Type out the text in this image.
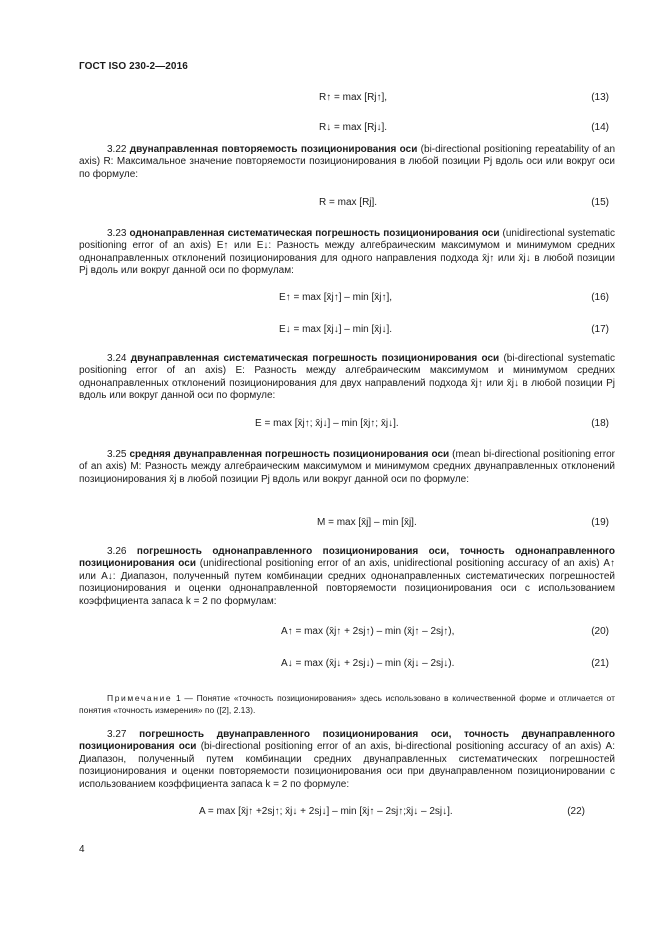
ГОСТ ISO 230-2—2016
R↑ = max [Rj↑],	(13)
R↓ = max [Rj↓].	(14)
3.22 двунаправленная повторяемость позиционирования оси (bi-directional positioning repeatability of an axis) R: Максимальное значение повторяемости позиционирования в любой позиции Pj вдоль оси или вокруг оси по формуле:
R = max [Rj].	(15)
3.23 однонаправленная систематическая погрешность позиционирования оси (unidirectional systematic positioning error of an axis) E↑ или E↓: Разность между алгебраическим максимумом и минимумом средних однонаправленных отклонений позиционирования для одного направления подхода x̄j↑ или x̄j↓ в любой позиции Pj вдоль или вокруг данной оси по формулам:
E↑ = max [x̄j↑] – min [x̄j↑],	(16)
E↓ = max [x̄j↓] – min [x̄j↓].	(17)
3.24 двунаправленная систематическая погрешность позиционирования оси (bi-directional systematic positioning error of an axis) E: Разность между алгебраическим максимумом и минимумом средних однонаправленных отклонений позиционирования для двух направлений подхода x̄j↑ или x̄j↓ в любой позиции Pj вдоль или вокруг данной оси по формуле:
E = max [x̄j↑; x̄j↓] – min [x̄j↑; x̄j↓].	(18)
3.25 средняя двунаправленная погрешность позиционирования оси (mean bi-directional positioning error of an axis) M: Разность между алгебраическим максимумом и минимумом средних двунаправленных отклонений позиционирования x̄j в любой позиции Pj вдоль или вокруг данной оси по формуле:
M = max [x̄j] – min [x̄j].	(19)
3.26 погрешность однонаправленного позиционирования оси, точность однонаправленного позиционирования оси (unidirectional positioning error of an axis, unidirectional positioning accuracy of an axis) A↑ или A↓: Диапазон, полученный путем комбинации средних однонаправленных систематических погрешностей позиционирования и оценки однонаправленной повторяемости позиционирования оси с использованием коэффициента запаса k = 2 по формулам:
A↑ = max (x̄j↑ + 2sj↑) – min (x̄j↑ – 2sj↑),	(20)
A↓ = max (x̄j↓ + 2sj↓) – min (x̄j↓ – 2sj↓).	(21)
Примечание 1 — Понятие «точность позиционирования» здесь использовано в количественной форме и отличается от понятия «точность измерения» по ([2], 2.13).
3.27 погрешность двунаправленного позиционирования оси, точность двунаправленного позиционирования оси (bi-directional positioning error of an axis, bi-directional positioning accuracy of an axis) A: Диапазон, полученный путем комбинации средних двунаправленных систематических погрешностей позиционирования и оценки повторяемости позиционирования оси при двунаправленном позиционировании с использованием коэффициента запаса k = 2 по формуле:
A = max [x̄j↑ +2sj↑; x̄j↓ + 2sj↓] – min [x̄j↑ – 2sj↑;x̄j↓ – 2sj↓].	(22)
4
